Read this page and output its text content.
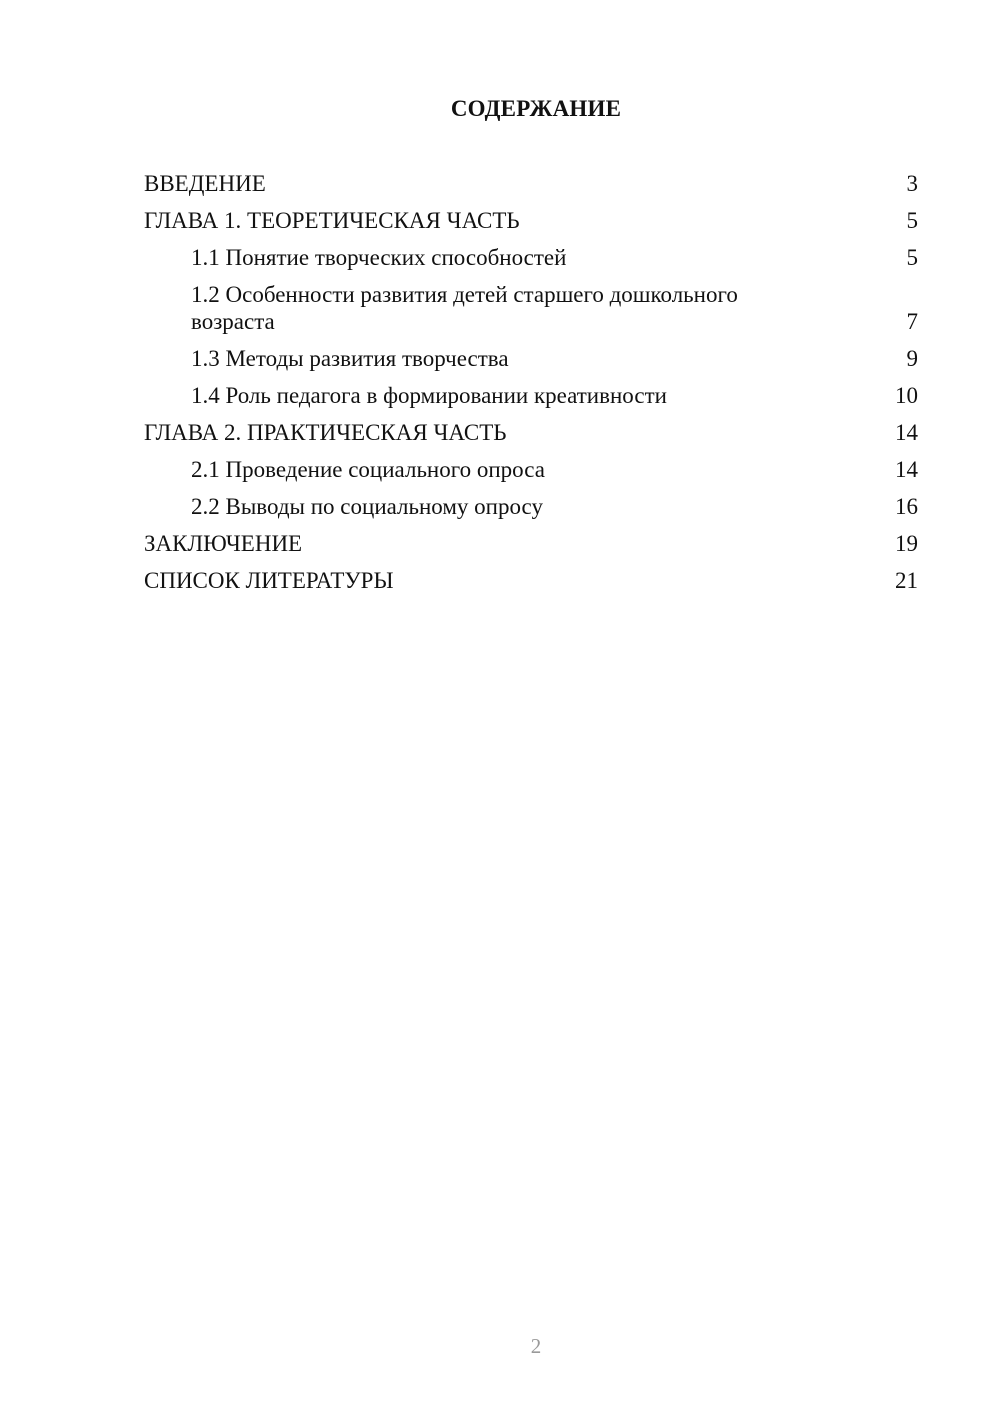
СОДЕРЖАНИЕ
ВВЕДЕНИЕ	3
ГЛАВА 1. ТЕОРЕТИЧЕСКАЯ ЧАСТЬ	5
1.1 Понятие творческих способностей	5
1.2 Особенности развития детей старшего дошкольного возраста	7
1.3 Методы развития творчества	9
1.4 Роль педагога в формировании креативности	10
ГЛАВА 2. ПРАКТИЧЕСКАЯ ЧАСТЬ	14
2.1 Проведение социального опроса	14
2.2 Выводы по социальному опросу	16
ЗАКЛЮЧЕНИЕ	19
СПИСОК ЛИТЕРАТУРЫ	21
2
